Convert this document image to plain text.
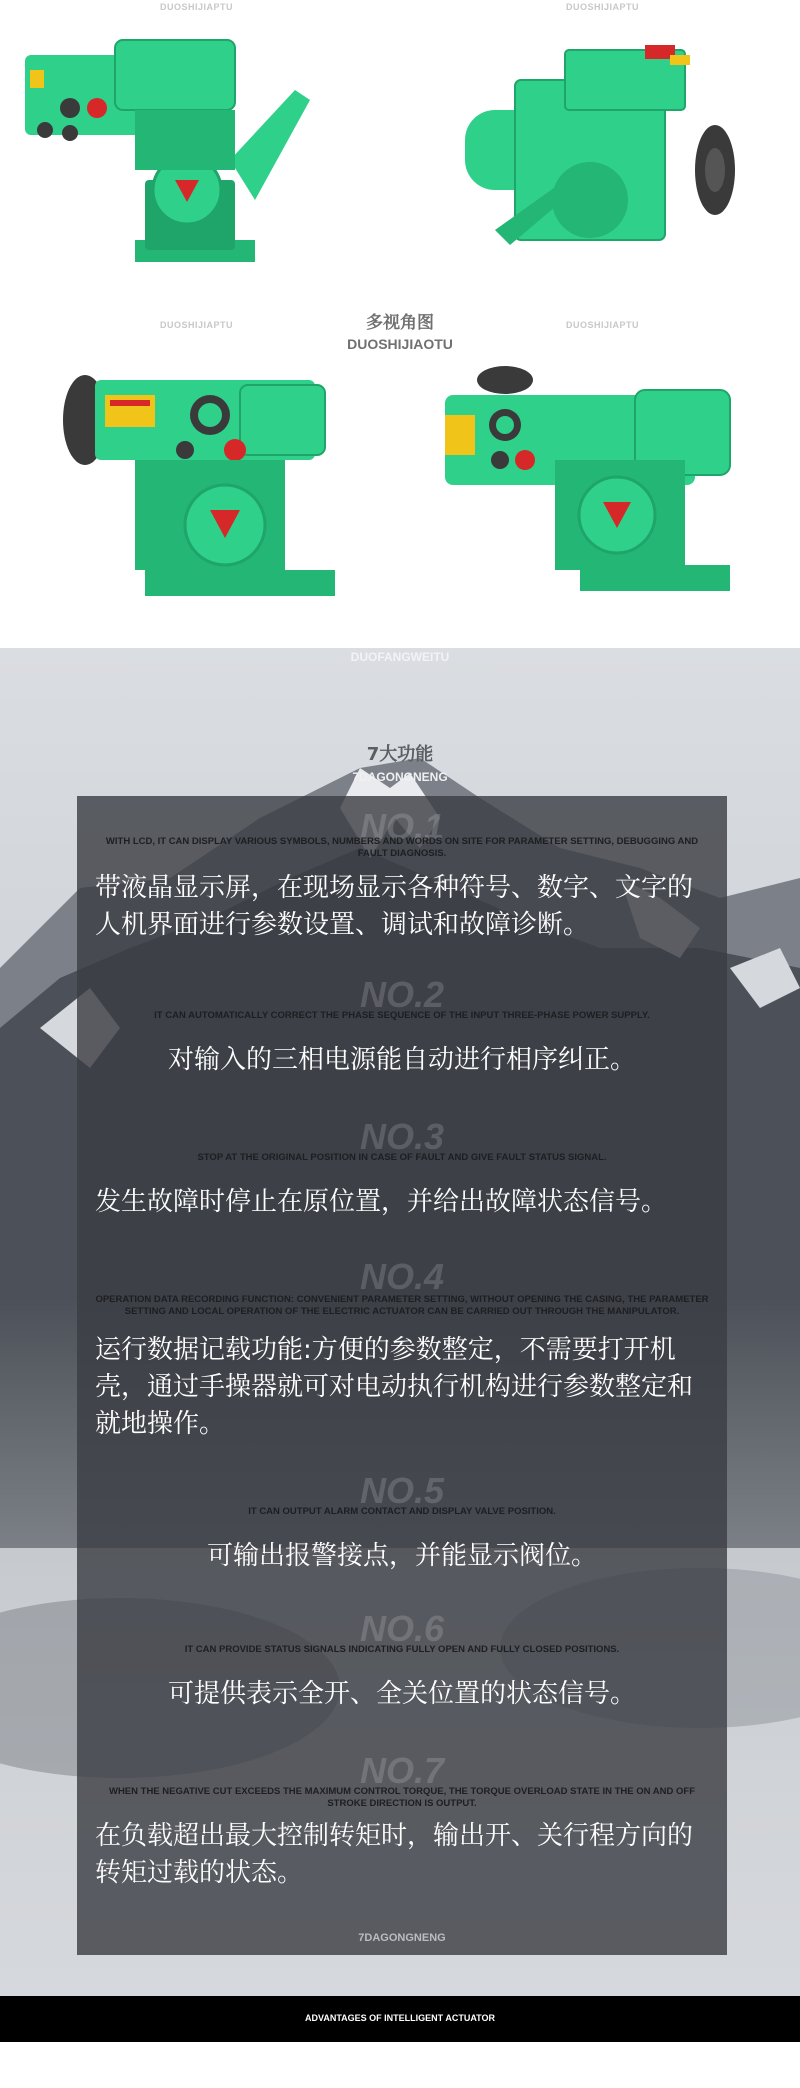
DUOSHIJIAPTU	DUOSHIJIAPTU
DUOSHIJIAPTU	DUOSHIJIAPTU
多视角图
DUOSHIJIAOTU
DUOFANGWEITU
7大功能
7DAGONGNENG
NO.1
WITH LCD, IT CAN DISPLAY VARIOUS SYMBOLS, NUMBERS AND WORDS ON SITE FOR PARAMETER SETTING, DEBUGGING AND FAULT DIAGNOSIS.
带液晶显示屏，在现场显示各种符号、数字、文字的人机界面进行参数设置、调试和故障诊断。
NO.2
IT CAN AUTOMATICALLY CORRECT THE PHASE SEQUENCE OF THE INPUT THREE-PHASE POWER SUPPLY.
对输入的三相电源能自动进行相序纠正。
NO.3
STOP AT THE ORIGINAL POSITION IN CASE OF FAULT AND GIVE FAULT STATUS SIGNAL.
发生故障时停止在原位置，并给出故障状态信号。
NO.4
OPERATION DATA RECORDING FUNCTION: CONVENIENT PARAMETER SETTING, WITHOUT OPENING THE CASING, THE PARAMETER SETTING AND LOCAL OPERATION OF THE ELECTRIC ACTUATOR CAN BE CARRIED OUT THROUGH THE MANIPULATOR.
运行数据记载功能:方便的参数整定，不需要打开机壳，通过手操器就可对电动执行机构进行参数整定和就地操作。
NO.5
IT CAN OUTPUT ALARM CONTACT AND DISPLAY VALVE POSITION.
可输出报警接点，并能显示阀位。
NO.6
IT CAN PROVIDE STATUS SIGNALS INDICATING FULLY OPEN AND FULLY CLOSED POSITIONS.
可提供表示全开、全关位置的状态信号。
NO.7
WHEN THE NEGATIVE CUT EXCEEDS THE MAXIMUM CONTROL TORQUE, THE TORQUE OVERLOAD STATE IN THE ON AND OFF STROKE DIRECTION IS OUTPUT.
在负载超出最大控制转矩时，输出开、关行程方向的转矩过载的状态。
7DAGONGNENG
ADVANTAGES OF INTELLIGENT ACTUATOR
